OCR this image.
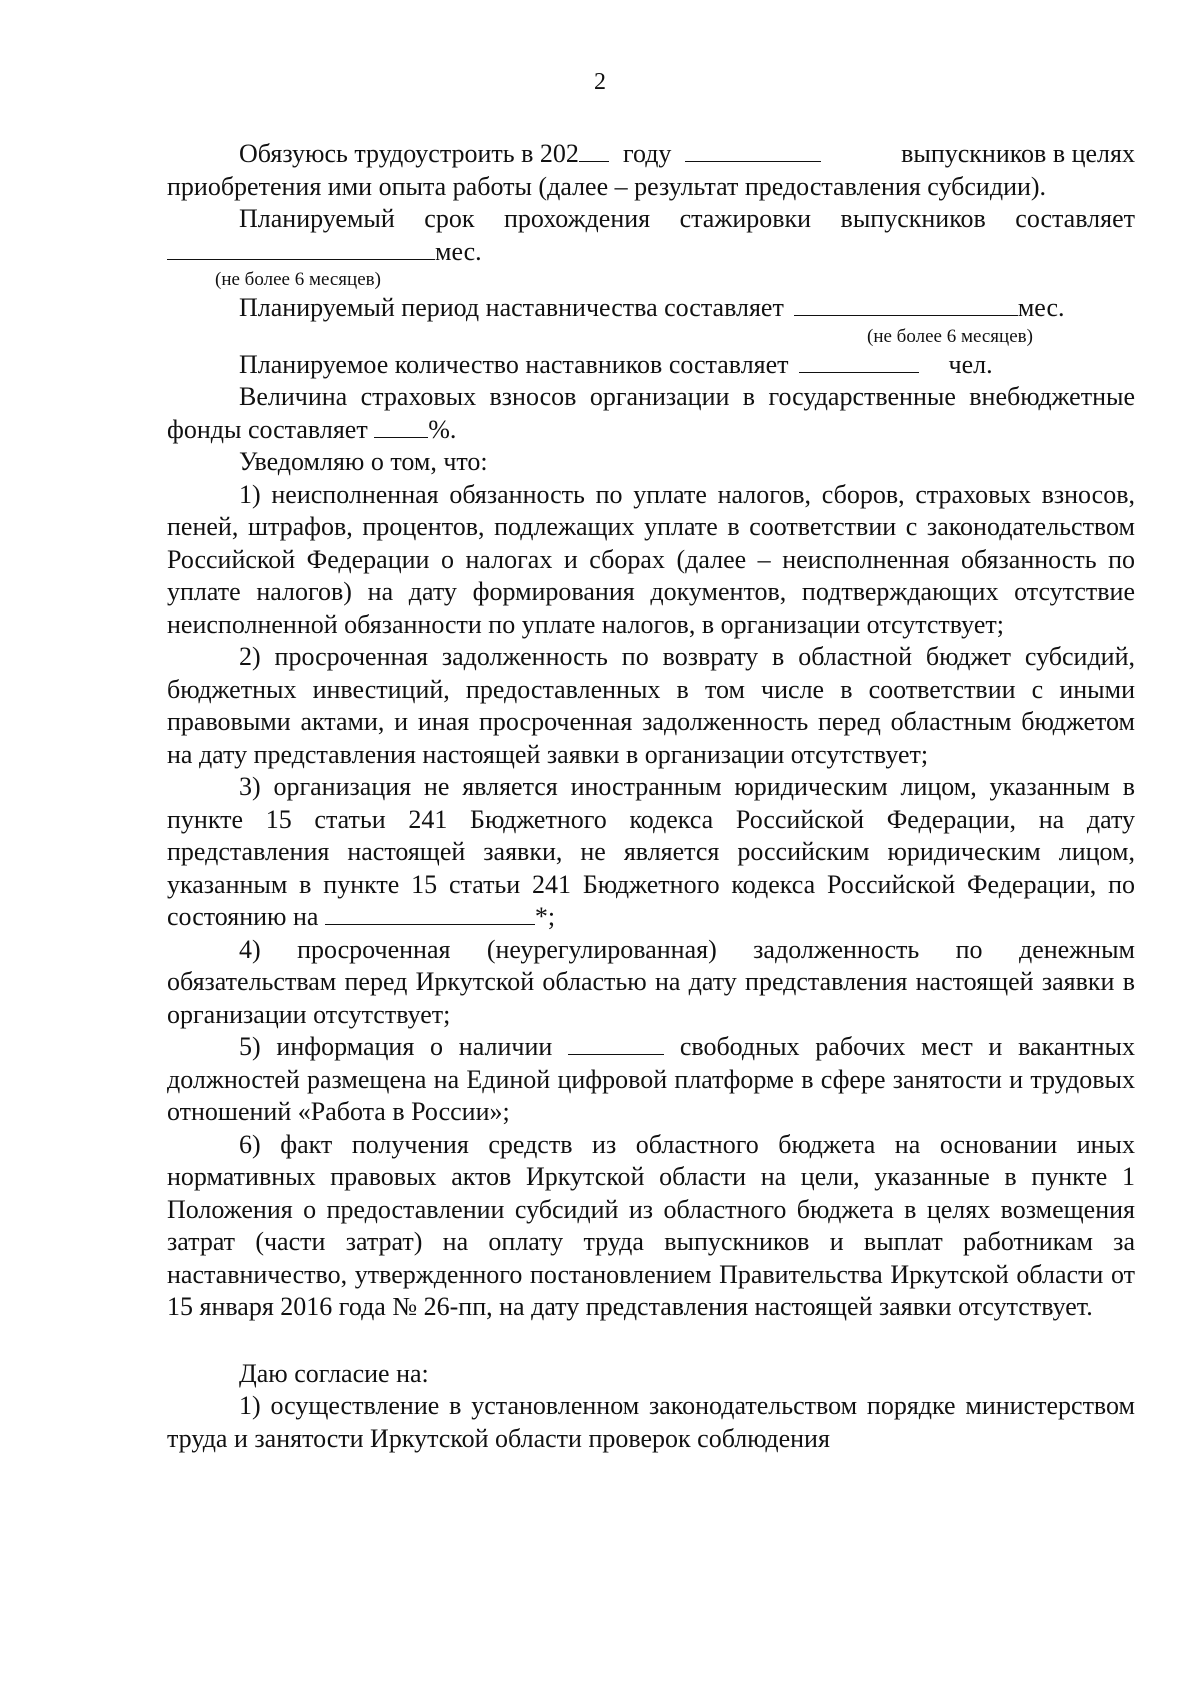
2
Обязуюсь трудоустроить в 202 году	выпускников в целях

приобретения ими опыта работы (далее – результат предоставления субсидии).

Планируемый срок прохождения стажировки выпускников составляет
мес.

(не более 6 месяцев)

Планируемый период наставничества составляет	мес.

(не более 6 месяцев)

Планируемое количество наставников составляет	чел.

Величина страховых взносов организации в государственные внебюджетные фонды составляет %.

Уведомляю о том, что:

1) неисполненная обязанность по уплате налогов, сборов, страховых взносов, пеней, штрафов, процентов, подлежащих уплате в соответствии с законодательством Российской Федерации о налогах и сборах (далее – неисполненная обязанность по уплате налогов) на дату формирования документов, подтверждающих отсутствие неисполненной обязанности по уплате налогов, в организации отсутствует;

2) просроченная задолженность по возврату в областной бюджет субсидий, бюджетных инвестиций, предоставленных в том числе в соответствии с иными правовыми актами, и иная просроченная задолженность перед областным бюджетом на дату представления настоящей заявки в организации отсутствует;

3) организация не является иностранным юридическим лицом, указанным в пункте 15 статьи 241 Бюджетного кодекса Российской Федерации, на дату представления настоящей заявки, не является российским юридическим лицом, указанным в пункте 15 статьи 241 Бюджетного кодекса Российской Федерации, по состоянию на	*;

4) просроченная (неурегулированная) задолженность по денежным обязательствам перед Иркутской областью на дату представления настоящей заявки в организации отсутствует;

5) информация о наличии	свободных рабочих мест и вакантных должностей размещена на Единой цифровой платформе в сфере занятости и трудовых отношений «Работа в России»;

6) факт получения средств из областного бюджета на основании иных нормативных правовых актов Иркутской области на цели, указанные в пункте 1 Положения о предоставлении субсидий из областного бюджета в целях возмещения затрат (части затрат) на оплату труда выпускников и выплат работникам за наставничество, утвержденного постановлением Правительства Иркутской области от 15 января 2016 года № 26-пп, на дату представления настоящей заявки отсутствует.

Даю согласие на:

1) осуществление в установленном законодательством порядке министерством труда и занятости Иркутской области проверок соблюдения
